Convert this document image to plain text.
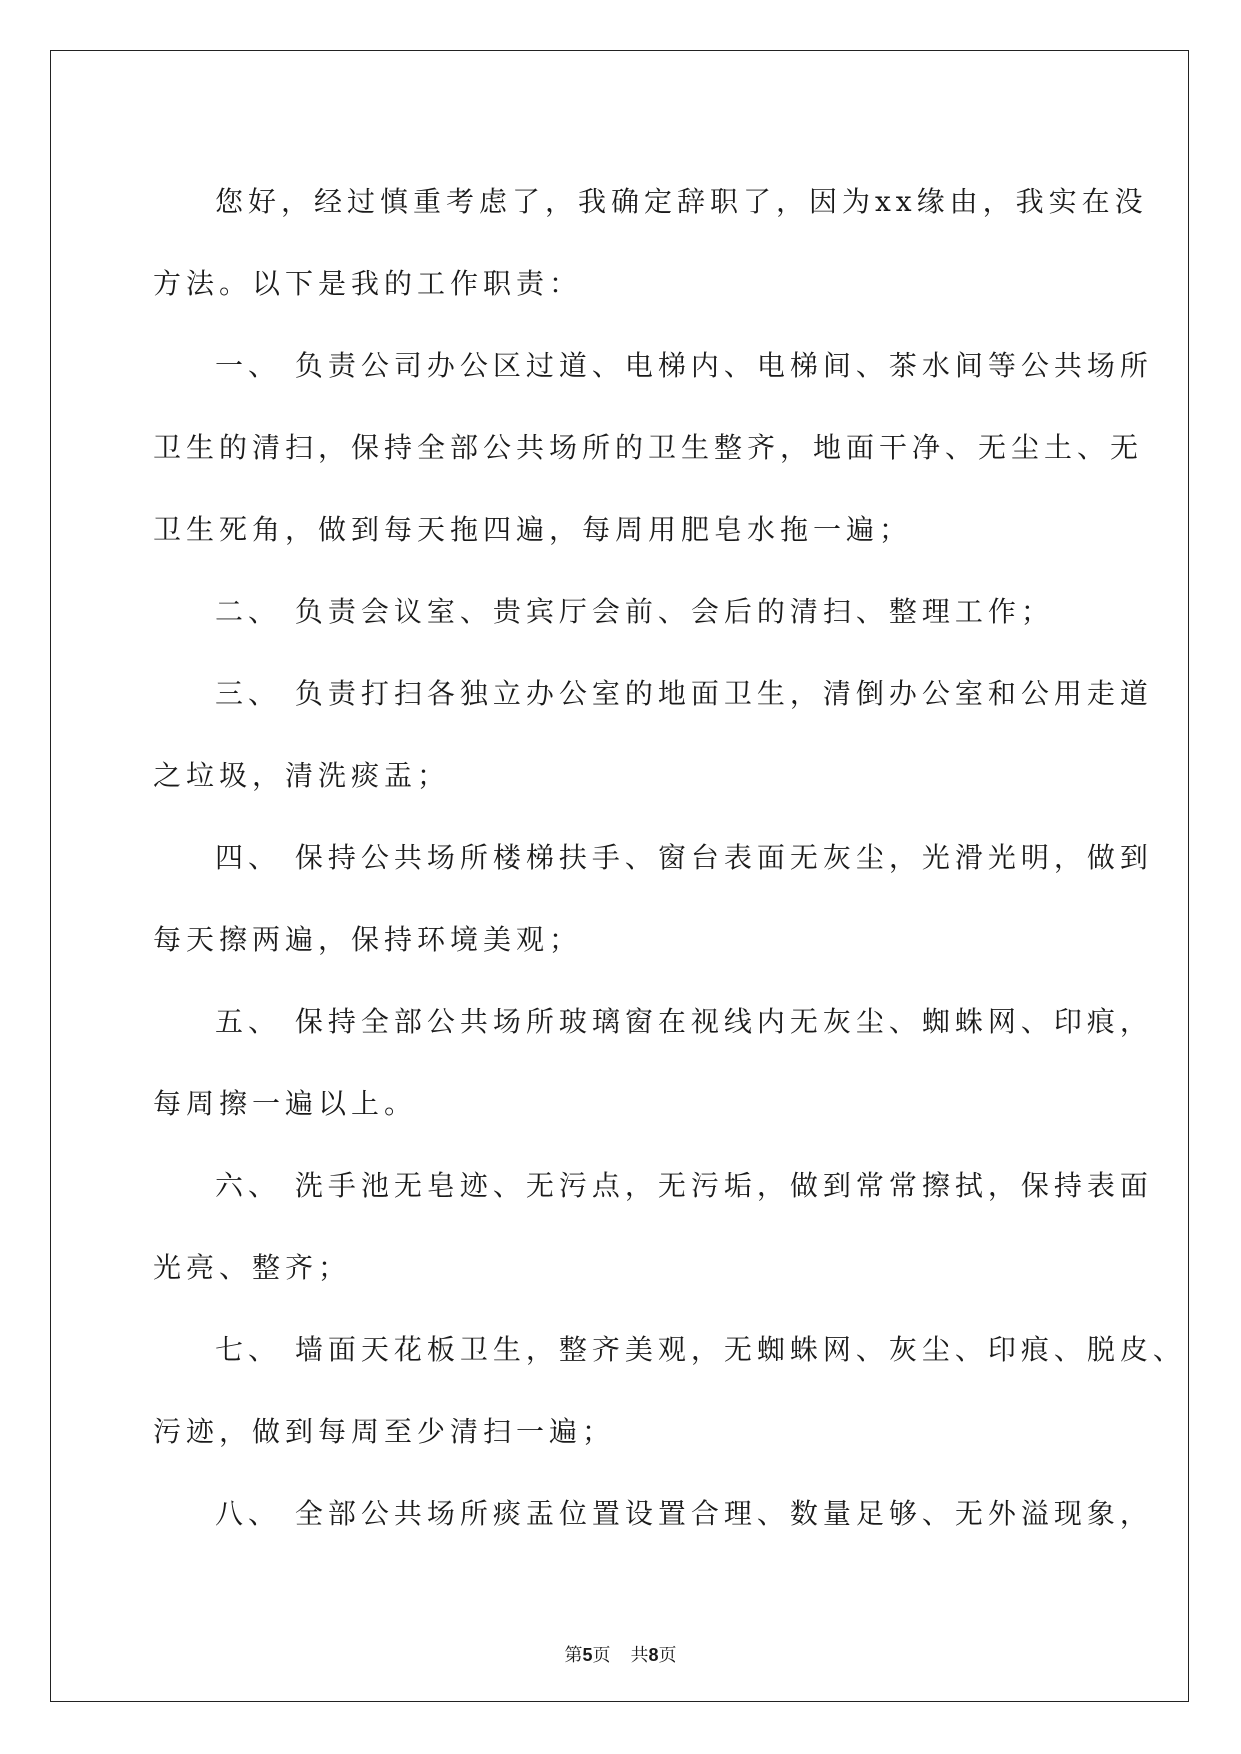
您好，经过慎重考虑了，我确定辞职了，因为xx缘由，我实在没
方法。以下是我的工作职责：
一、 负责公司办公区过道、电梯内、电梯间、茶水间等公共场所
卫生的清扫，保持全部公共场所的卫生整齐，地面干净、无尘土、无
卫生死角，做到每天拖四遍，每周用肥皂水拖一遍；
二、 负责会议室、贵宾厅会前、会后的清扫、整理工作；
三、 负责打扫各独立办公室的地面卫生，清倒办公室和公用走道
之垃圾，清洗痰盂；
四、 保持公共场所楼梯扶手、窗台表面无灰尘，光滑光明，做到
每天擦两遍，保持环境美观；
五、 保持全部公共场所玻璃窗在视线内无灰尘、蜘蛛网、印痕，
每周擦一遍以上。
六、 洗手池无皂迹、无污点，无污垢，做到常常擦拭，保持表面
光亮、整齐；
七、 墙面天花板卫生，整齐美观，无蜘蛛网、灰尘、印痕、脱皮、
污迹，做到每周至少清扫一遍；
八、 全部公共场所痰盂位置设置合理、数量足够、无外溢现象，
第5页 共8页
